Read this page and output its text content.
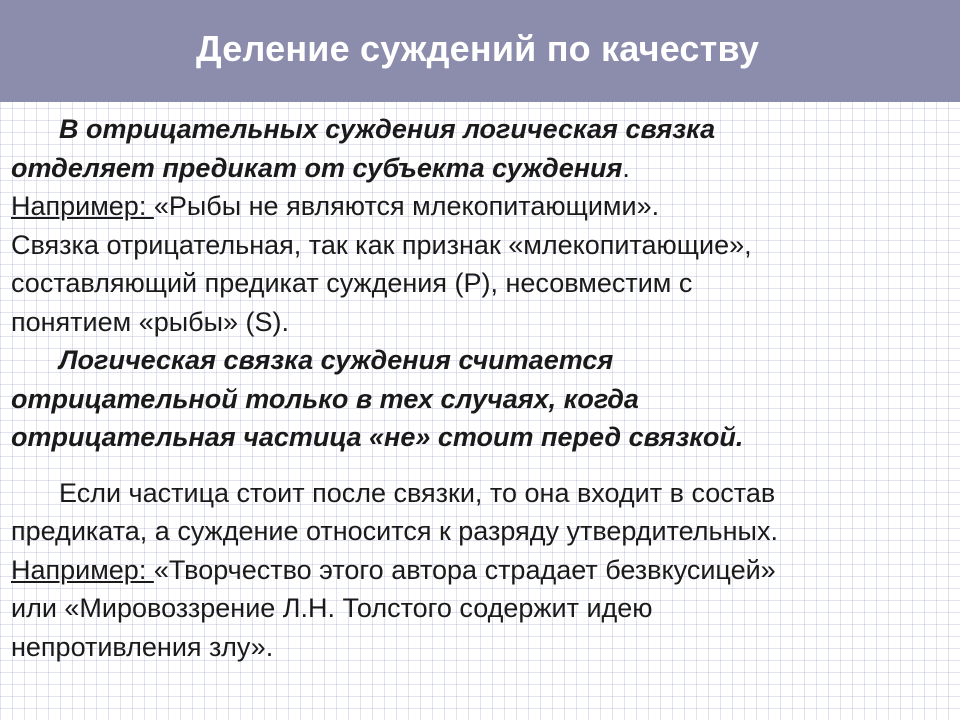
Деление суждений по качеству
В отрицательных суждения логическая связка
отделяет предикат от субъекта суждения.
Например: «Рыбы не являются млекопитающими».
Связка отрицательная, так как признак «млекопитающие»,
составляющий предикат суждения (Р), несовместим с
понятием «рыбы» (S).
Логическая связка суждения считается
отрицательной только в тех случаях, когда
отрицательная частица «не» стоит перед связкой.
Если частица стоит после связки, то она входит в состав
предиката, а суждение относится к разряду утвердительных.
Например: «Творчество этого автора страдает безвкусицей»
или «Мировоззрение Л.Н. Толстого содержит идею
непротивления злу».
